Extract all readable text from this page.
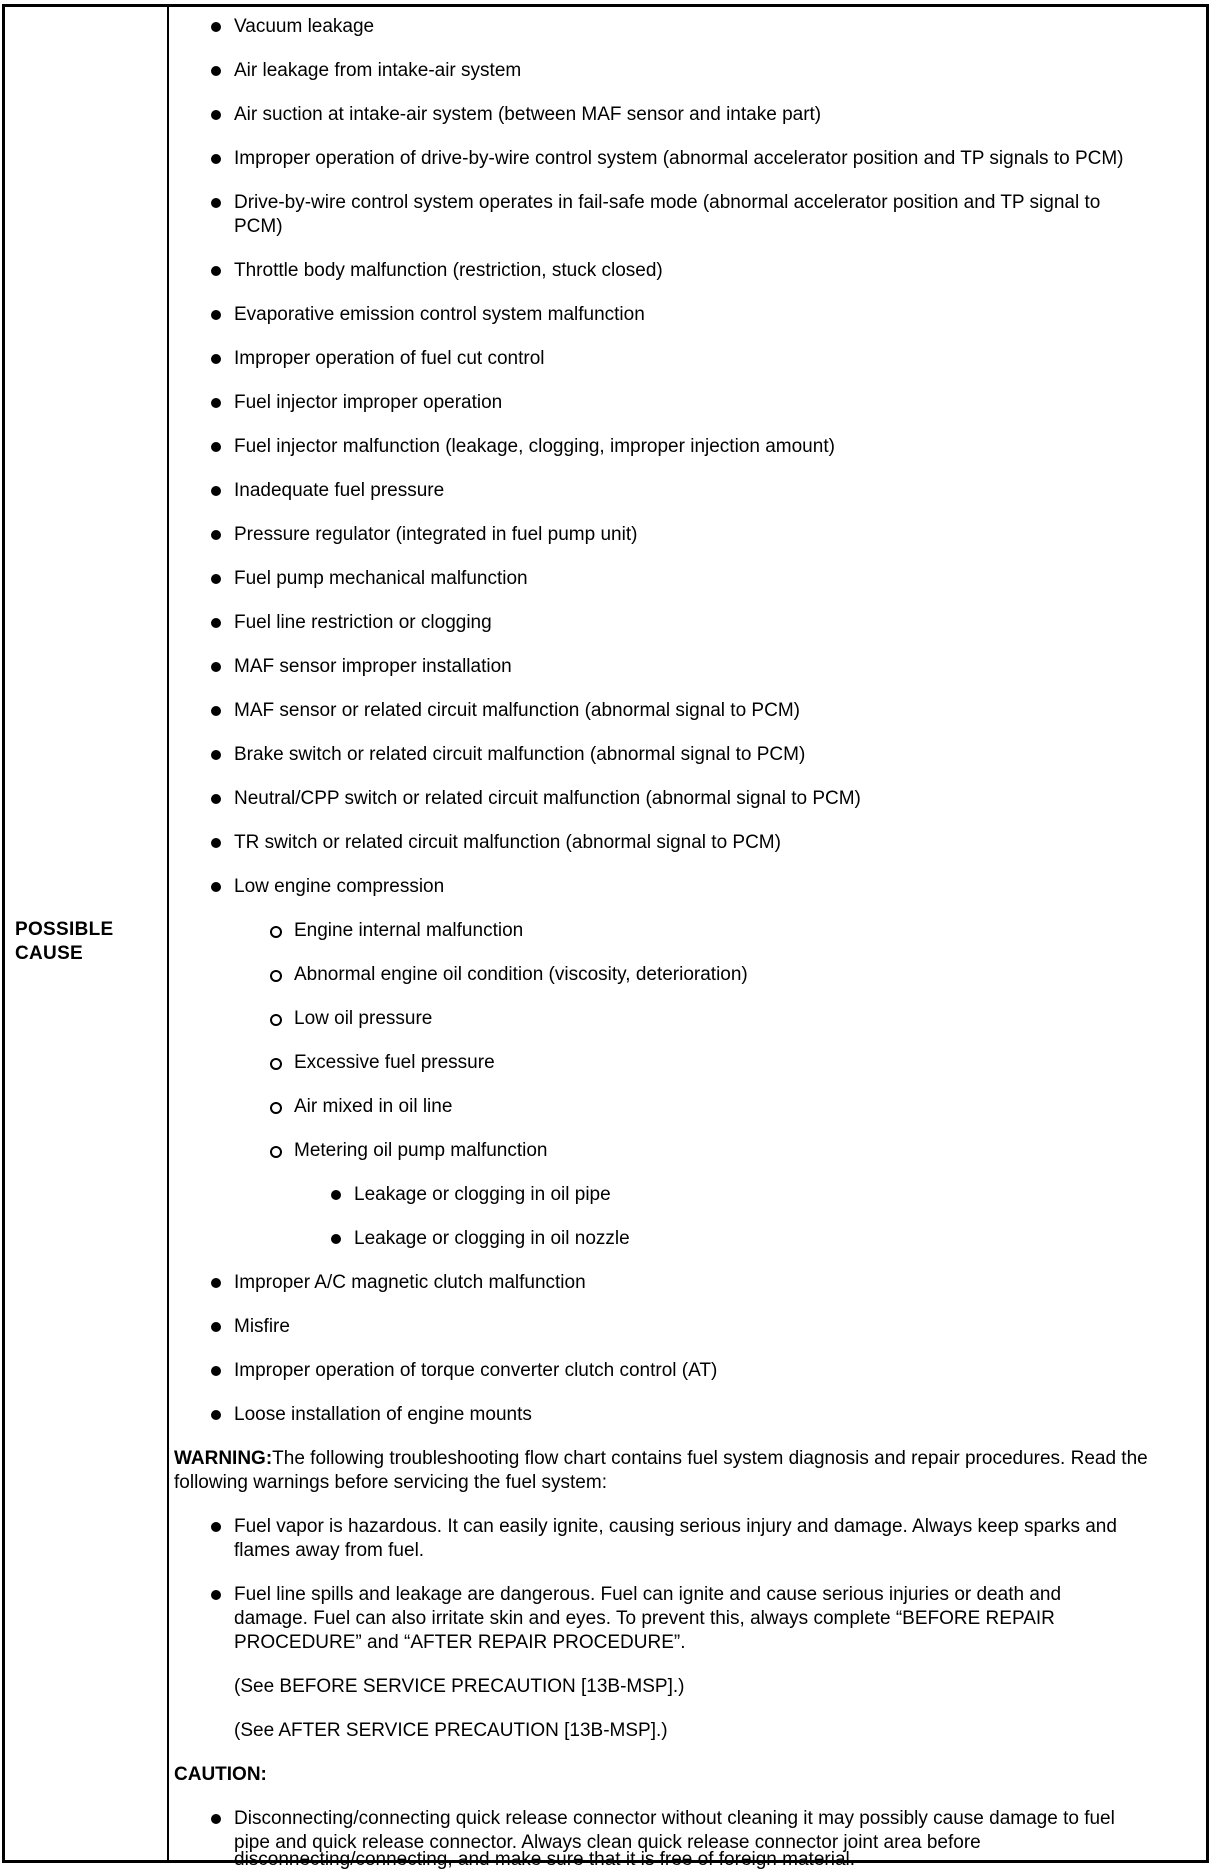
POSSIBLE
CAUSE
Vacuum leakage
Air leakage from intake-air system
Air suction at intake-air system (between MAF sensor and intake part)
Improper operation of drive-by-wire control system (abnormal accelerator position and TP signals to PCM)
Drive-by-wire control system operates in fail-safe mode (abnormal accelerator position and TP signal to
PCM)
Throttle body malfunction (restriction, stuck closed)
Evaporative emission control system malfunction
Improper operation of fuel cut control
Fuel injector improper operation
Fuel injector malfunction (leakage, clogging, improper injection amount)
Inadequate fuel pressure
Pressure regulator (integrated in fuel pump unit)
Fuel pump mechanical malfunction
Fuel line restriction or clogging
MAF sensor improper installation
MAF sensor or related circuit malfunction (abnormal signal to PCM)
Brake switch or related circuit malfunction (abnormal signal to PCM)
Neutral/CPP switch or related circuit malfunction (abnormal signal to PCM)
TR switch or related circuit malfunction (abnormal signal to PCM)
Low engine compression
Engine internal malfunction
Abnormal engine oil condition (viscosity, deterioration)
Low oil pressure
Excessive fuel pressure
Air mixed in oil line
Metering oil pump malfunction
Leakage or clogging in oil pipe
Leakage or clogging in oil nozzle
Improper A/C magnetic clutch malfunction
Misfire
Improper operation of torque converter clutch control (AT)
Loose installation of engine mounts
WARNING:The following troubleshooting flow chart contains fuel system diagnosis and repair procedures. Read the
following warnings before servicing the fuel system:
Fuel vapor is hazardous. It can easily ignite, causing serious injury and damage. Always keep sparks and
flames away from fuel.
Fuel line spills and leakage are dangerous. Fuel can ignite and cause serious injuries or death and
damage. Fuel can also irritate skin and eyes. To prevent this, always complete “BEFORE REPAIR
PROCEDURE” and “AFTER REPAIR PROCEDURE”.
(See BEFORE SERVICE PRECAUTION [13B-MSP].)
(See AFTER SERVICE PRECAUTION [13B-MSP].)
CAUTION:
Disconnecting/connecting quick release connector without cleaning it may possibly cause damage to fuel
pipe and quick release connector. Always clean quick release connector joint area before
disconnecting/connecting, and make sure that it is free of foreign material.
